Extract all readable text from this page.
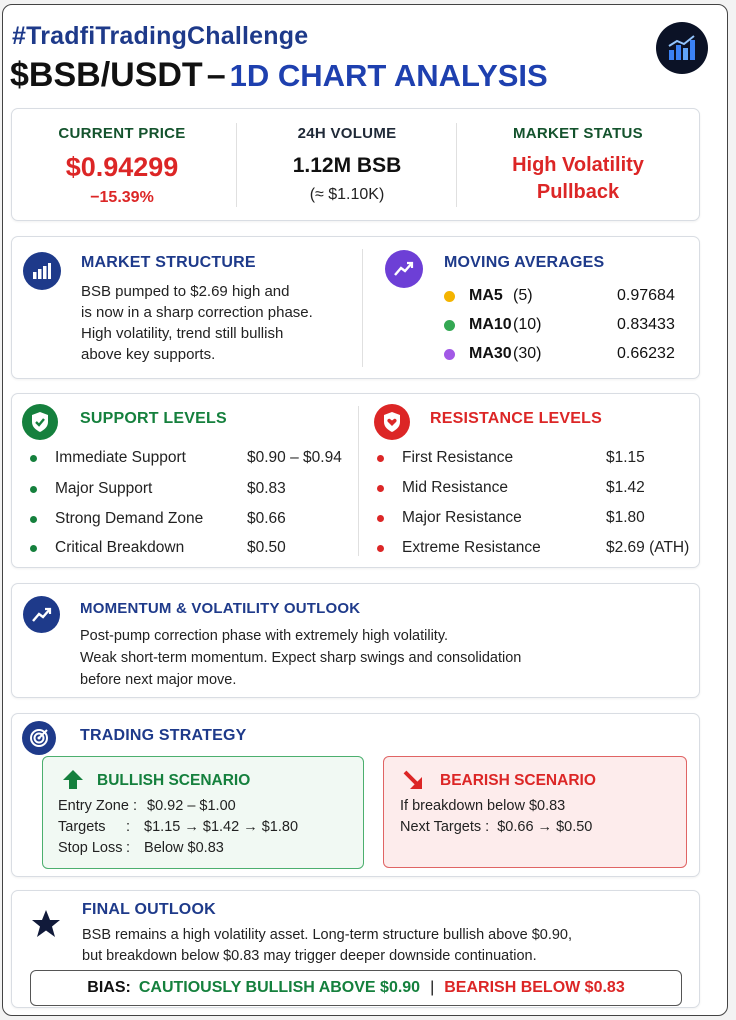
#TradfiTradingChallenge
$BSB/USDT – 1D CHART ANALYSIS
CURRENT PRICE
$0.94299
−15.39%
24H VOLUME
1.12M BSB
(≈ $1.10K)
MARKET STATUS
High Volatility
Pullback
MARKET STRUCTURE
BSB pumped to $2.69 high and
is now in a sharp correction phase.
High volatility, trend still bullish
above key supports.
MOVING AVERAGES
MA5 (5)	0.97684
MA10 (10)	0.83433
MA30 (30)	0.66232
SUPPORT LEVELS
Immediate Support	$0.90 – $0.94
Major Support	$0.83
Strong Demand Zone	$0.66
Critical Breakdown	$0.50
RESISTANCE LEVELS
First Resistance	$1.15
Mid Resistance	$1.42
Major Resistance	$1.80
Extreme Resistance	$2.69 (ATH)
MOMENTUM & VOLATILITY OUTLOOK
Post-pump correction phase with extremely high volatility.
Weak short-term momentum. Expect sharp swings and consolidation
before next major move.
TRADING STRATEGY
BULLISH SCENARIO
Entry Zone : $0.92 – $1.00
Targets : $1.15 → $1.42 → $1.80
Stop Loss : Below $0.83
BEARISH SCENARIO
If breakdown below $0.83
Next Targets : $0.66 → $0.50
FINAL OUTLOOK
BSB remains a high volatility asset. Long-term structure bullish above $0.90,
but breakdown below $0.83 may trigger deeper downside continuation.
BIAS: CAUTIOUSLY BULLISH ABOVE $0.90 | BEARISH BELOW $0.83
